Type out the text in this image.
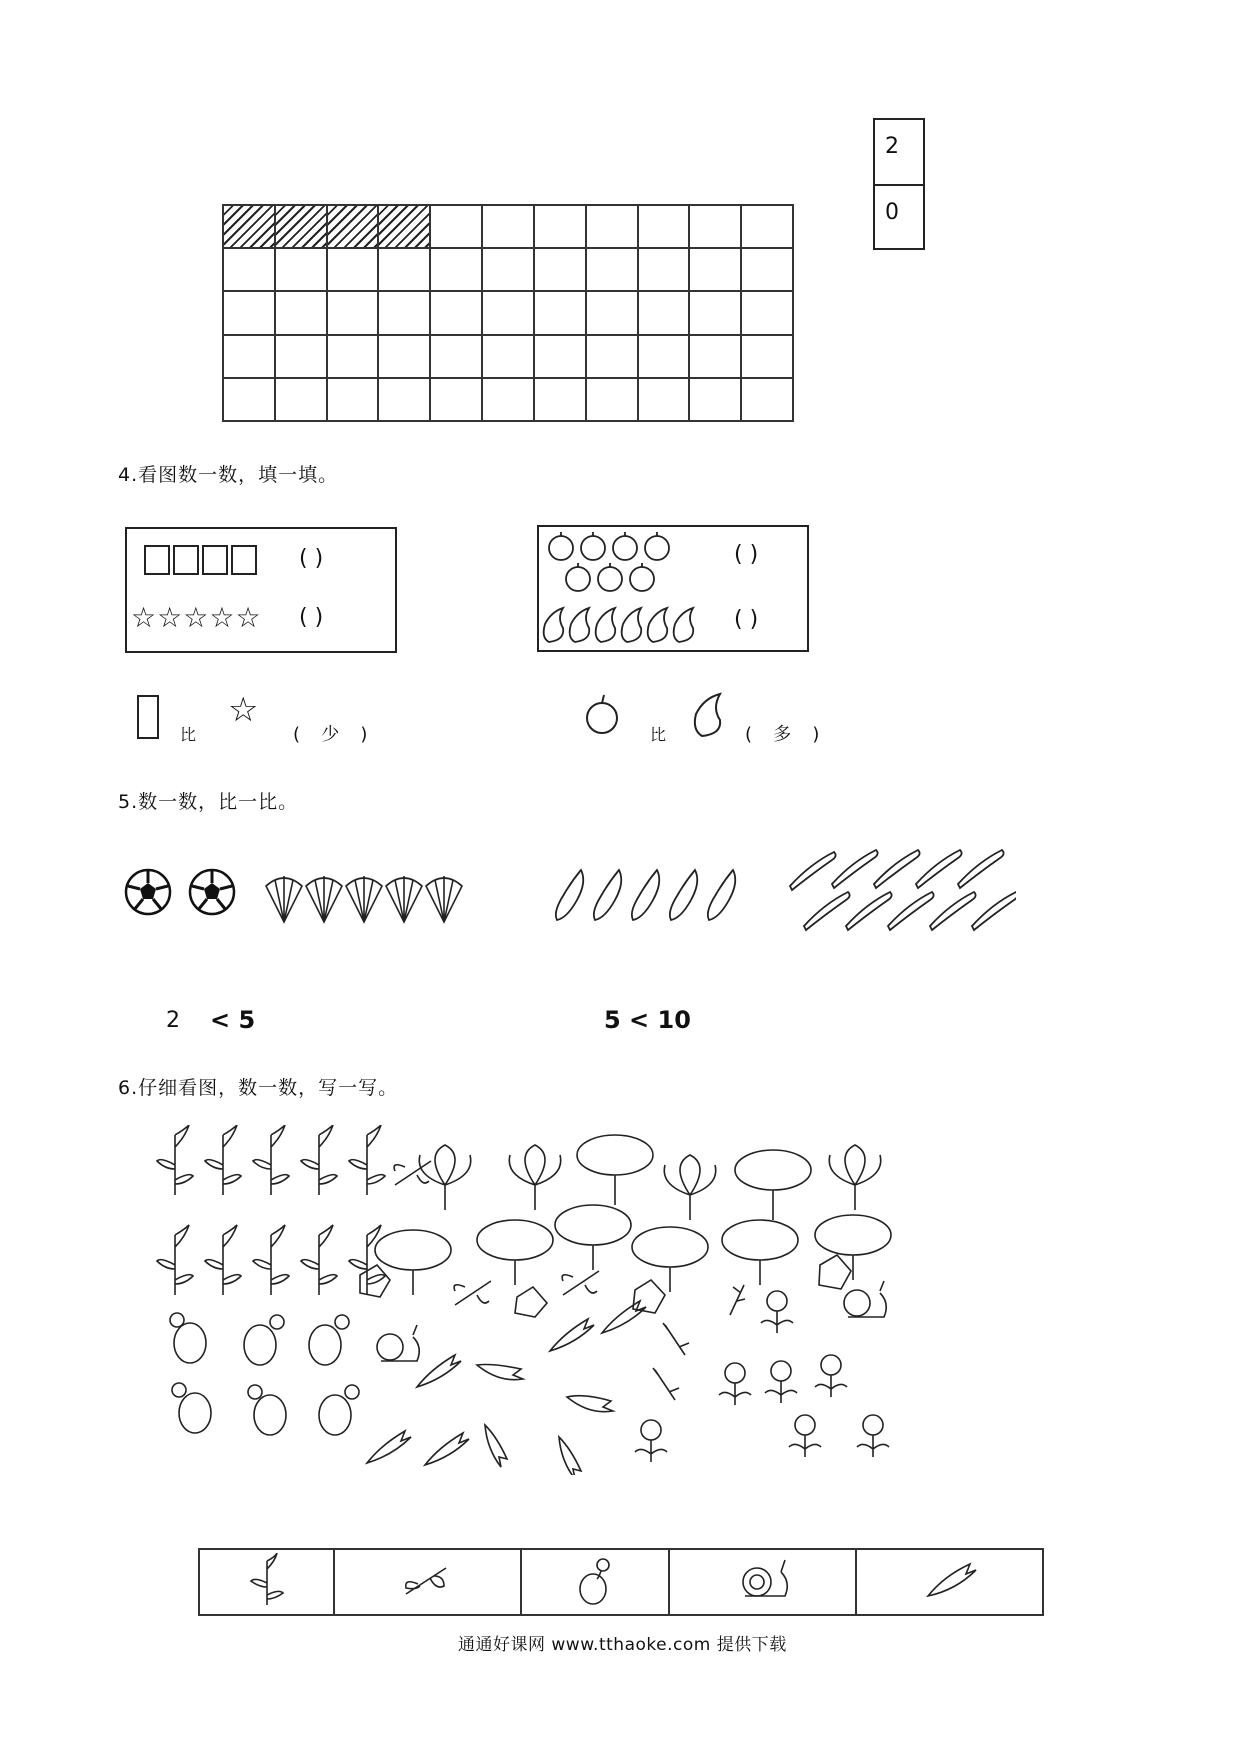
2
0

4.看图数一数，填一填。
( )
☆☆☆☆☆ ( )
( )
( )
比
☆
(   少   )	比	(   多   )
5.数一数，比一比。
2 < 5	5 < 10
6.仔细看图，数一数，写一写。

通通好课网 www.tthaoke.com 提供下载
